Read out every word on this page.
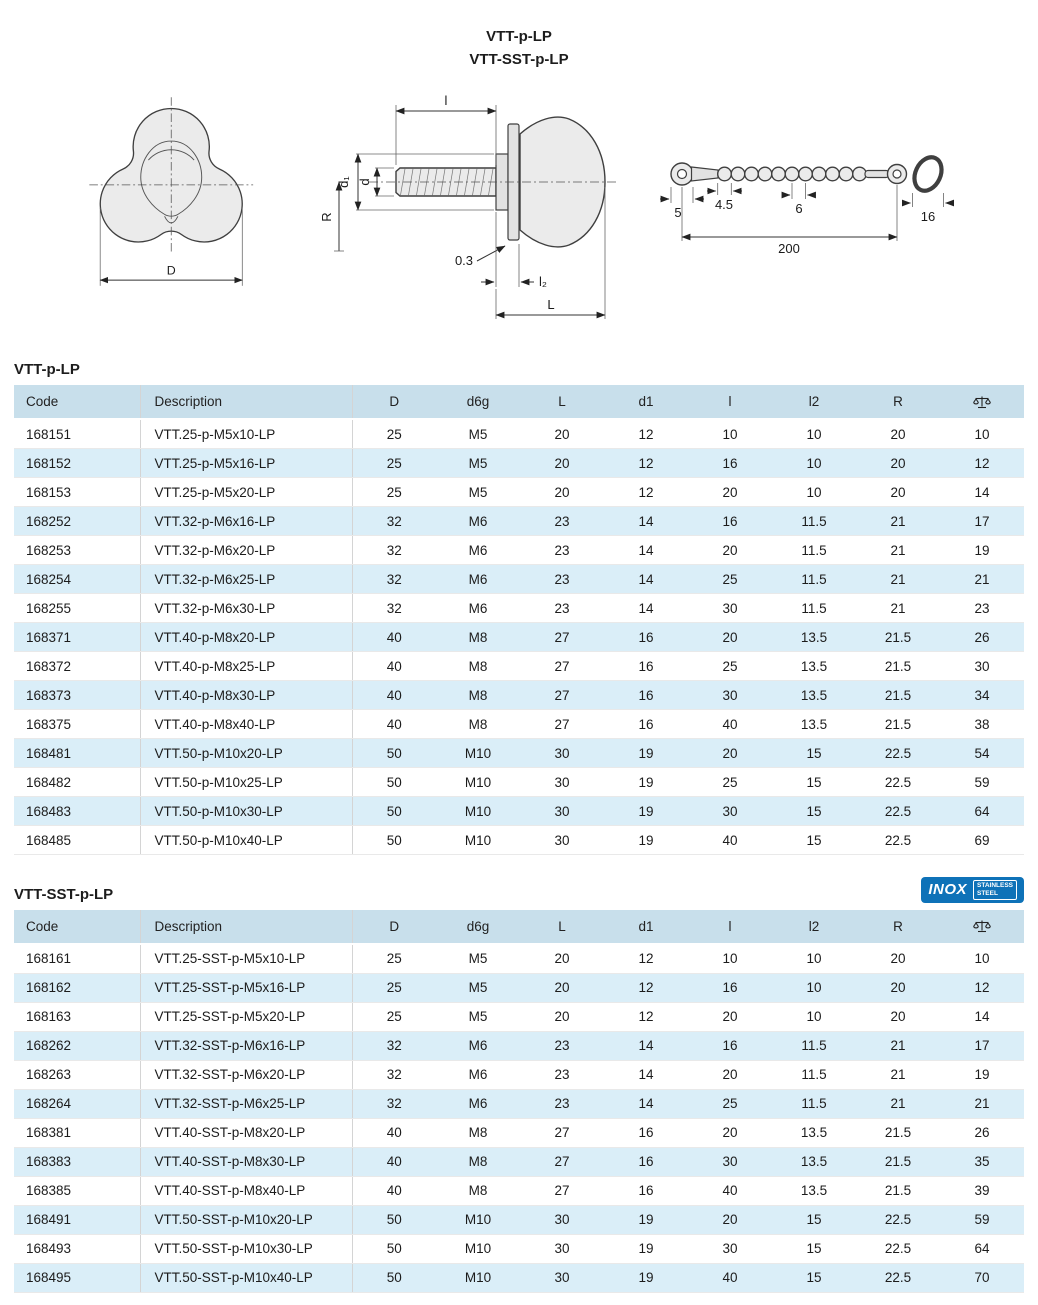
VTT-p-LP
VTT-SST-p-LP
D
l
d₁ d
R
0.3
l₂
L
5
4.5	6
16
200
VTT-p-LP
Code	Description	D	d6g	L	d1	l	l2	R	
168151	VTT.25-p-M5x10-LP	25	M5	20	12	10	10	20	10
168152	VTT.25-p-M5x16-LP	25	M5	20	12	16	10	20	12
168153	VTT.25-p-M5x20-LP	25	M5	20	12	20	10	20	14
168252	VTT.32-p-M6x16-LP	32	M6	23	14	16	11.5	21	17
168253	VTT.32-p-M6x20-LP	32	M6	23	14	20	11.5	21	19
168254	VTT.32-p-M6x25-LP	32	M6	23	14	25	11.5	21	21
168255	VTT.32-p-M6x30-LP	32	M6	23	14	30	11.5	21	23
168371	VTT.40-p-M8x20-LP	40	M8	27	16	20	13.5	21.5	26
168372	VTT.40-p-M8x25-LP	40	M8	27	16	25	13.5	21.5	30
168373	VTT.40-p-M8x30-LP	40	M8	27	16	30	13.5	21.5	34
168375	VTT.40-p-M8x40-LP	40	M8	27	16	40	13.5	21.5	38
168481	VTT.50-p-M10x20-LP	50	M10	30	19	20	15	22.5	54
168482	VTT.50-p-M10x25-LP	50	M10	30	19	25	15	22.5	59
168483	VTT.50-p-M10x30-LP	50	M10	30	19	30	15	22.5	64
168485	VTT.50-p-M10x40-LP	50	M10	30	19	40	15	22.5	69
VTT-SST-p-LP	INOX STAINLESS
STEEL
Code	Description	D	d6g	L	d1	l	l2	R	
168161	VTT.25-SST-p-M5x10-LP	25	M5	20	12	10	10	20	10
168162	VTT.25-SST-p-M5x16-LP	25	M5	20	12	16	10	20	12
168163	VTT.25-SST-p-M5x20-LP	25	M5	20	12	20	10	20	14
168262	VTT.32-SST-p-M6x16-LP	32	M6	23	14	16	11.5	21	17
168263	VTT.32-SST-p-M6x20-LP	32	M6	23	14	20	11.5	21	19
168264	VTT.32-SST-p-M6x25-LP	32	M6	23	14	25	11.5	21	21
168381	VTT.40-SST-p-M8x20-LP	40	M8	27	16	20	13.5	21.5	26
168383	VTT.40-SST-p-M8x30-LP	40	M8	27	16	30	13.5	21.5	35
168385	VTT.40-SST-p-M8x40-LP	40	M8	27	16	40	13.5	21.5	39
168491	VTT.50-SST-p-M10x20-LP	50	M10	30	19	20	15	22.5	59
168493	VTT.50-SST-p-M10x30-LP	50	M10	30	19	30	15	22.5	64
168495	VTT.50-SST-p-M10x40-LP	50	M10	30	19	40	15	22.5	70
